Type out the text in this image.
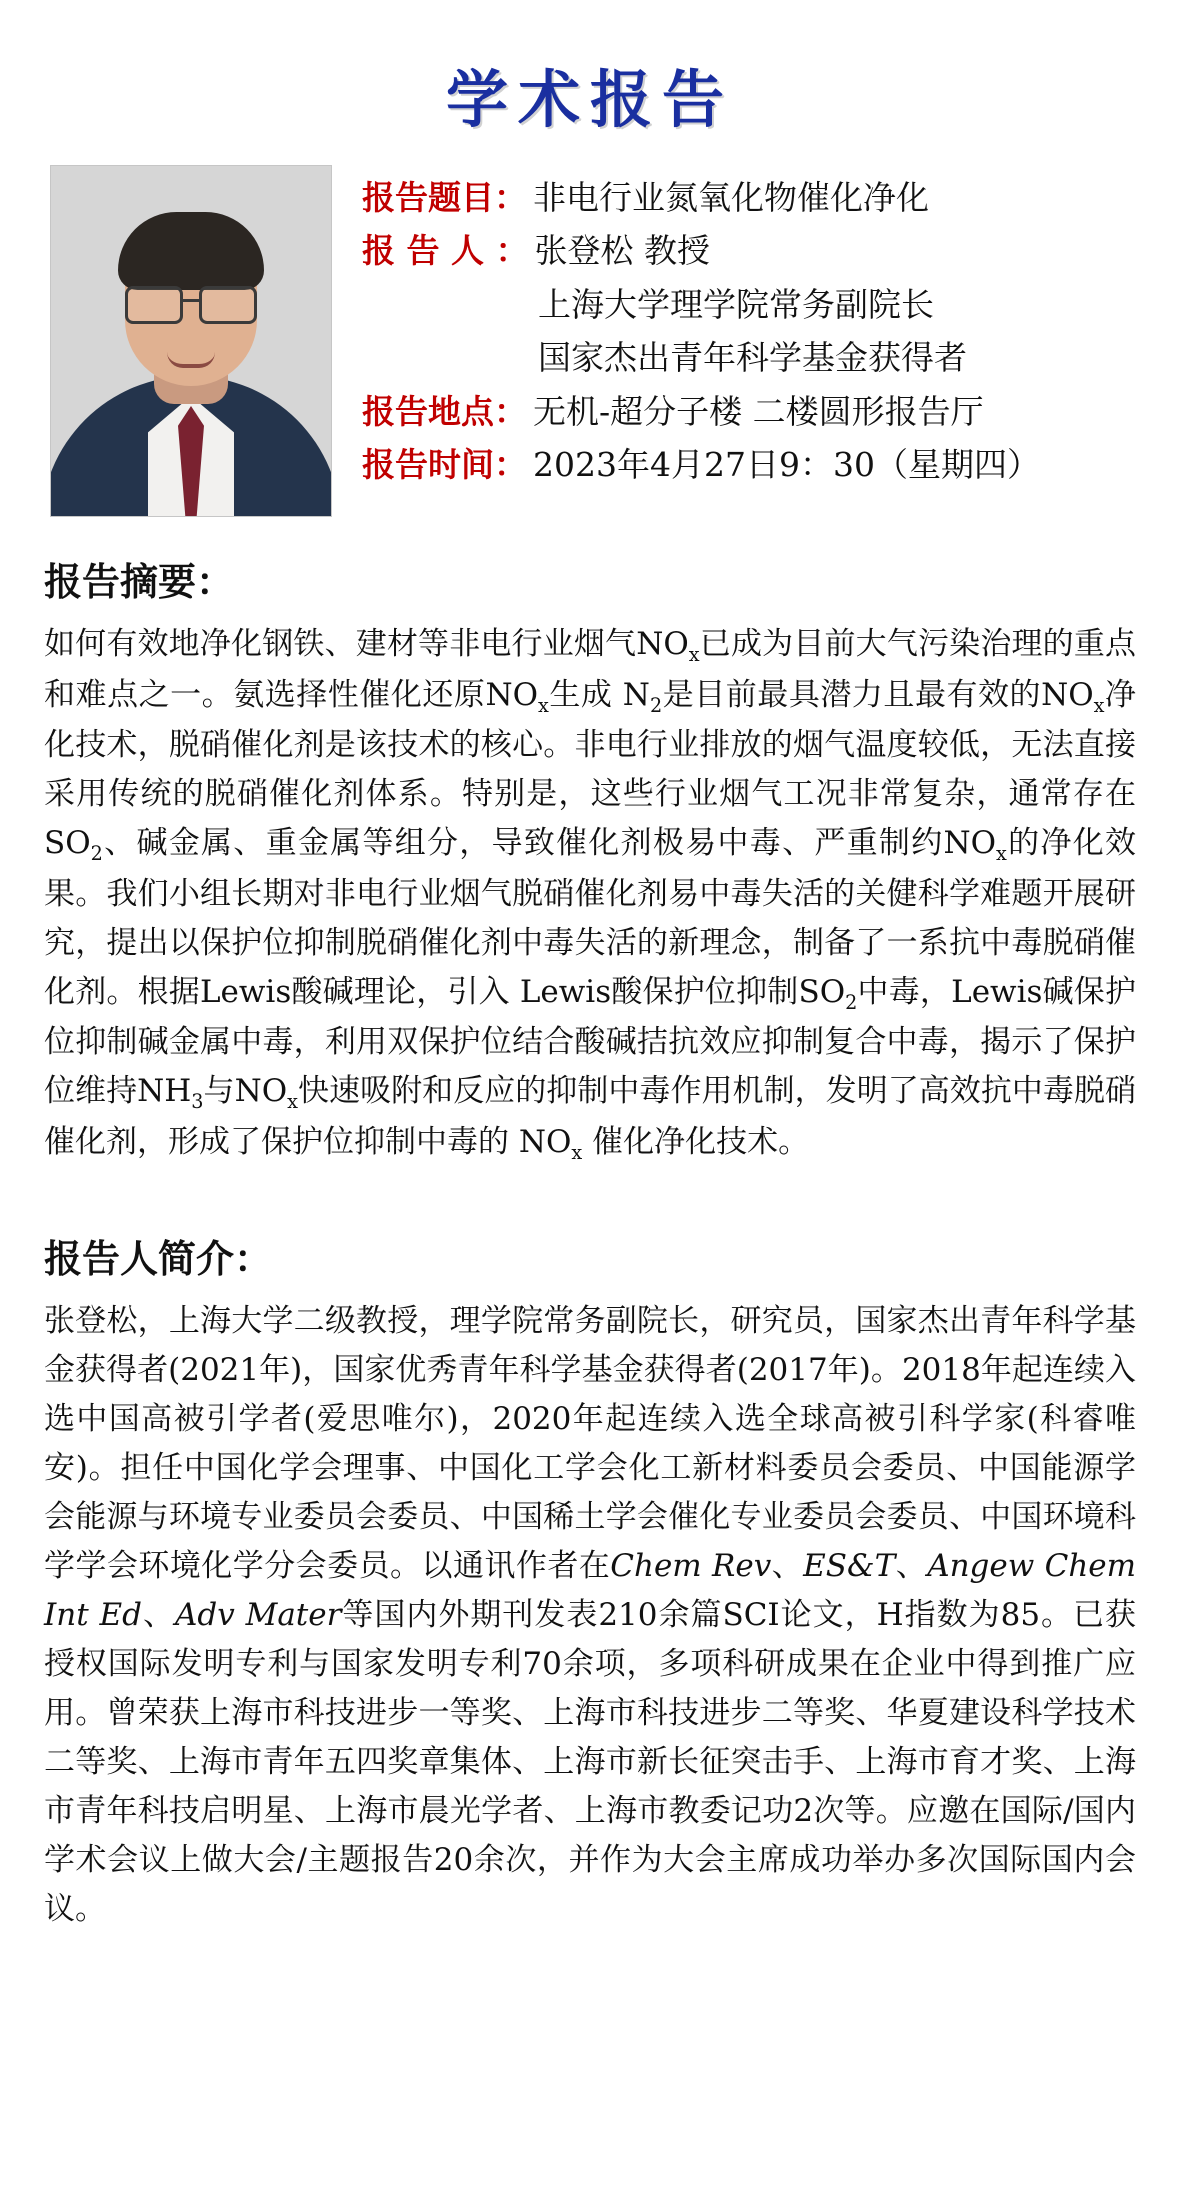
学术报告
报告题目： 非电行业氮氧化物催化净化
报 告 人 ： 张登松 教授
上海大学理学院常务副院长
国家杰出青年科学基金获得者
报告地点： 无机-超分子楼 二楼圆形报告厅
报告时间： 2023年4月27日9：30（星期四）
报告摘要：
如何有效地净化钢铁、建材等非电行业烟气$NO_x$已成为目前大气污染治理的重点和难点之一。氨选择性催化还原$NO_x$生成 $N_2$是目前最具潜力且最有效的$NO_x$净化技术，脱硝催化剂是该技术的核心。非电行业排放的烟气温度较低，无法直接采用传统的脱硝催化剂体系。特别是，这些行业烟气工况非常复杂，通常存在$SO_2$、碱金属、重金属等组分，导致催化剂极易中毒、严重制约$NO_x$的净化效果。我们小组长期对非电行业烟气脱硝催化剂易中毒失活的关健科学难题开展研究，提出以保护位抑制脱硝催化剂中毒失活的新理念，制备了一系抗中毒脱硝催化剂。根据Lewis酸碱理论，引入 Lewis酸保护位抑制$SO_2$中毒，Lewis碱保护位抑制碱金属中毒，利用双保护位结合酸碱拮抗效应抑制复合中毒，揭示了保护位维持$NH_3$与$NO_x$快速吸附和反应的抑制中毒作用机制，发明了高效抗中毒脱硝催化剂，形成了保护位抑制中毒的 $NO_x$ 催化净化技术。
报告人简介：
张登松，上海大学二级教授，理学院常务副院长，研究员，国家杰出青年科学基金获得者(2021年)，国家优秀青年科学基金获得者(2017年)。2018年起连续入选中国高被引学者(爱思唯尔)，2020年起连续入选全球高被引科学家(科睿唯安)。担任中国化学会理事、中国化工学会化工新材料委员会委员、中国能源学会能源与环境专业委员会委员、中国稀土学会催化专业委员会委员、中国环境科学学会环境化学分会委员。以通讯作者在Chem Rev、ES&T、Angew Chem Int Ed、Adv Mater等国内外期刊发表210余篇SCI论文，H指数为85。已获授权国际发明专利与国家发明专利70余项，多项科研成果在企业中得到推广应用。曾荣获上海市科技进步一等奖、上海市科技进步二等奖、华夏建设科学技术二等奖、上海市青年五四奖章集体、上海市新长征突击手、上海市育才奖、上海市青年科技启明星、上海市晨光学者、上海市教委记功2次等。应邀在国际/国内学术会议上做大会/主题报告20余次，并作为大会主席成功举办多次国际国内会议。
